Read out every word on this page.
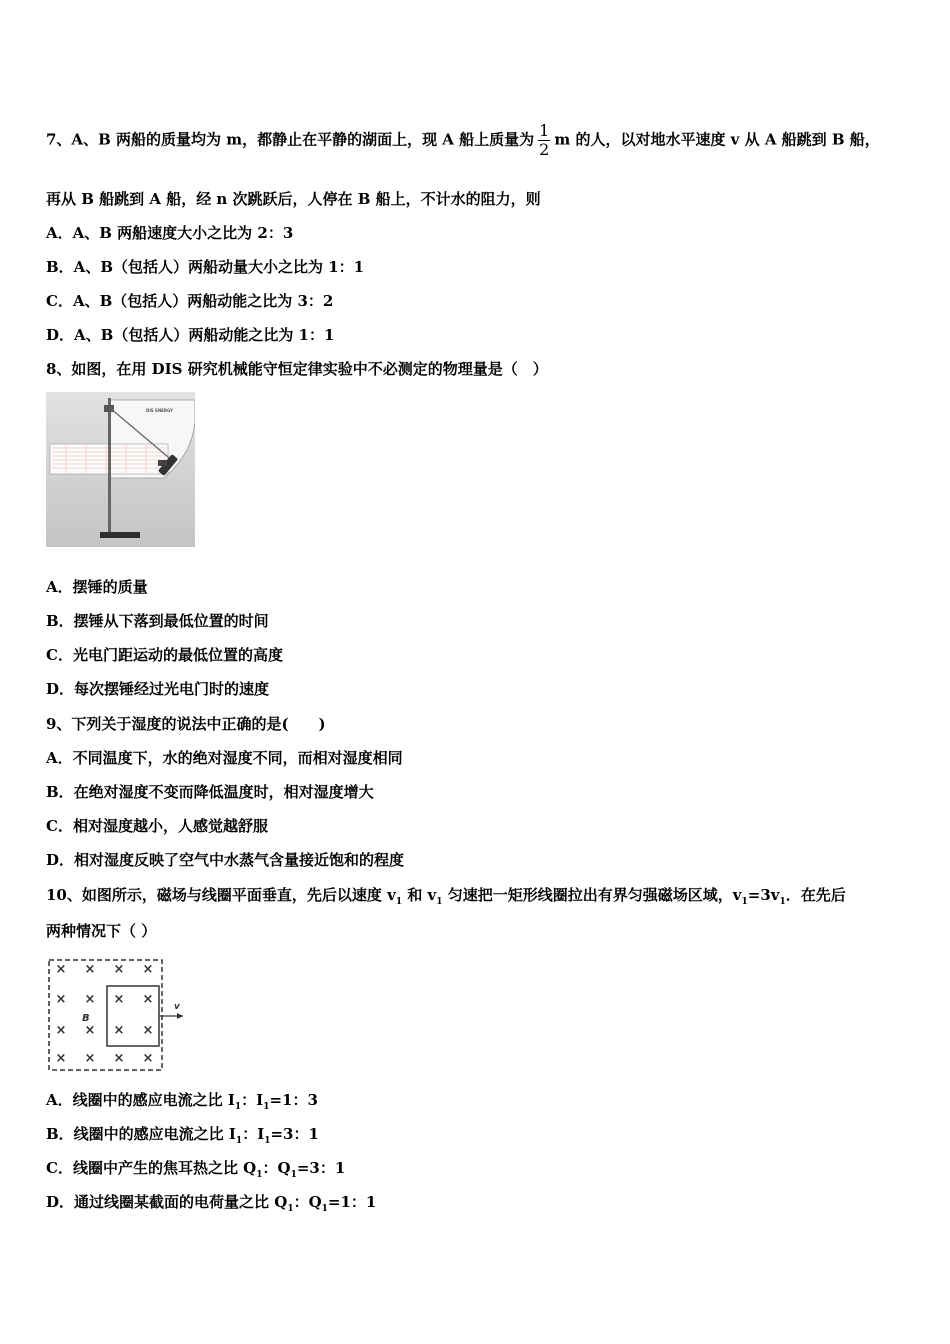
7、A、B 两船的质量均为 m，都静止在平静的湖面上，现 A 船上质量为 $\frac{1}{2}$ m 的人，以对地水平速度 v 从 A 船跳到 B 船，
再从 B 船跳到 A 船，经 n 次跳跃后，人停在 B 船上，不计水的阻力，则
A．A、B 两船速度大小之比为 2：3
B．A、B（包括人）两船动量大小之比为 1：1
C．A、B（包括人）两船动能之比为 3：2
D．A、B（包括人）两船动能之比为 1：1
8、如图，在用 DIS 研究机械能守恒定律实验中不必测定的物理量是（　）
DIS ENERGY
A．摆锤的质量
B．摆锤从下落到最低位置的时间
C．光电门距运动的最低位置的高度
D．每次摆锤经过光电门时的速度
9、下列关于湿度的说法中正确的是(　　)
A．不同温度下，水的绝对湿度不同，而相对湿度相同
B．在绝对湿度不变而降低温度时，相对湿度增大
C．相对湿度越小，人感觉越舒服
D．相对湿度反映了空气中水蒸气含量接近饱和的程度
10、如图所示，磁场与线圈平面垂直，先后以速度 $v_1$ 和 $v_1$ 匀速把一矩形线圈拉出有界匀强磁场区域，$v_1=3v_1$．在先后
两种情况下（ ）
× × × ×
× × × ×
× × × ×
× × × ×
B
v
A．线圈中的感应电流之比 $I_1$：$I_1=1$：3
B．线圈中的感应电流之比 $I_1$：$I_1=3$：1
C．线圈中产生的焦耳热之比 $Q_1$：$Q_1=3$：1
D．通过线圈某截面的电荷量之比 $Q_1$：$Q_1=1$：1
